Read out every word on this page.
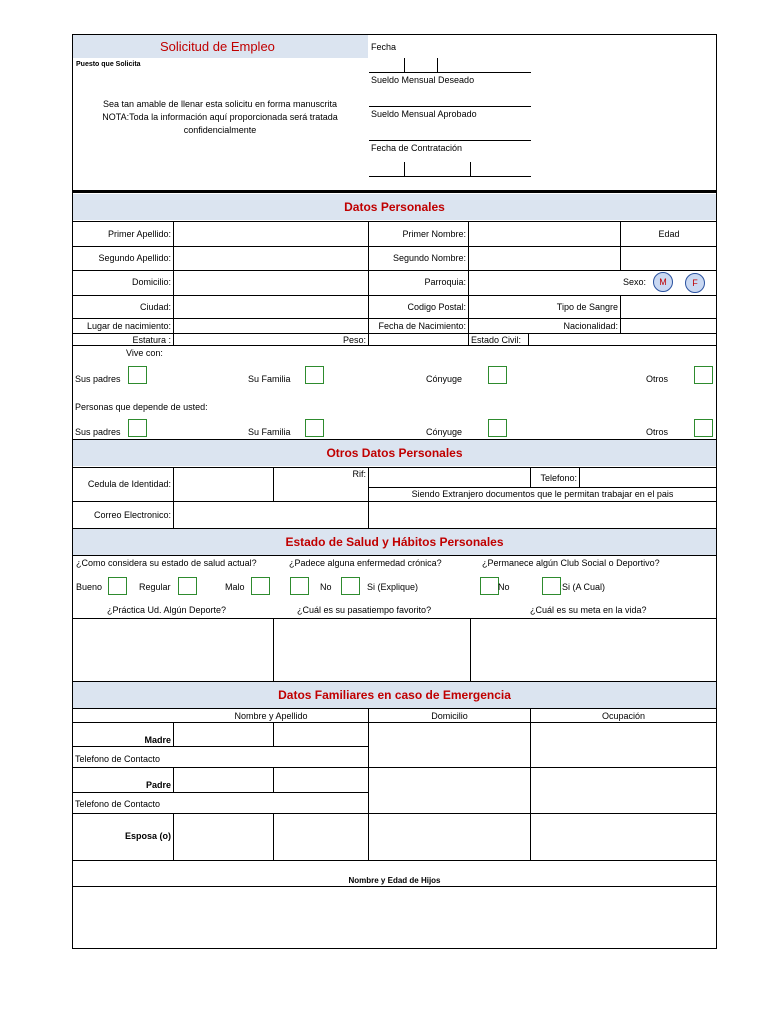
Solicitud de Empleo
Puesto que Solicita
Sea tan amable de llenar esta solicitu en forma manuscrita
NOTA:Toda la información aquí proporcionada será tratada
confidencialmente
Fecha
Sueldo Mensual Deseado
Sueldo Mensual Aprobado
Fecha de Contratación
Datos Personales
Primer Apellido:	Primer Nombre:	Edad
Segundo Apellido:	Segundo Nombre:
Domicilio:	Parroquia:	Sexo:	M	F
Ciudad:	Codigo Postal:	Tipo de Sangre
Lugar de nacimiento:	Fecha de Nacimiento:	Nacionalidad:
Estatura :	Peso:	Estado Civil:
Vive con:
Sus padres	Su Familia	Cónyuge	Otros
Personas que depende de usted:
Sus padres	Su Familia	Cónyuge	Otros
Otros Datos Personales
Cedula de Identidad:
Rif:	Telefono:
Siendo Extranjero documentos que le permitan trabajar en el pais
Correo Electronico:
Estado de Salud y Hábitos Personales
¿Como considera su estado de salud actual?	¿Padece alguna enfermedad crónica?	¿Permanece algún Club Social o Deportivo?
Bueno	Regular	Malo	No	Si (Explique)	No	Si (A Cual)
¿Práctica Ud. Algún Deporte?	¿Cuál es su pasatiempo favorito?	¿Cuál es su meta en la vida?
Datos Familiares en caso de Emergencia
Nombre y Apellido	Domicilio	Ocupación
Madre
Telefono de Contacto
Padre
Telefono de Contacto
Esposa (o)
Nombre y Edad de Hijos
